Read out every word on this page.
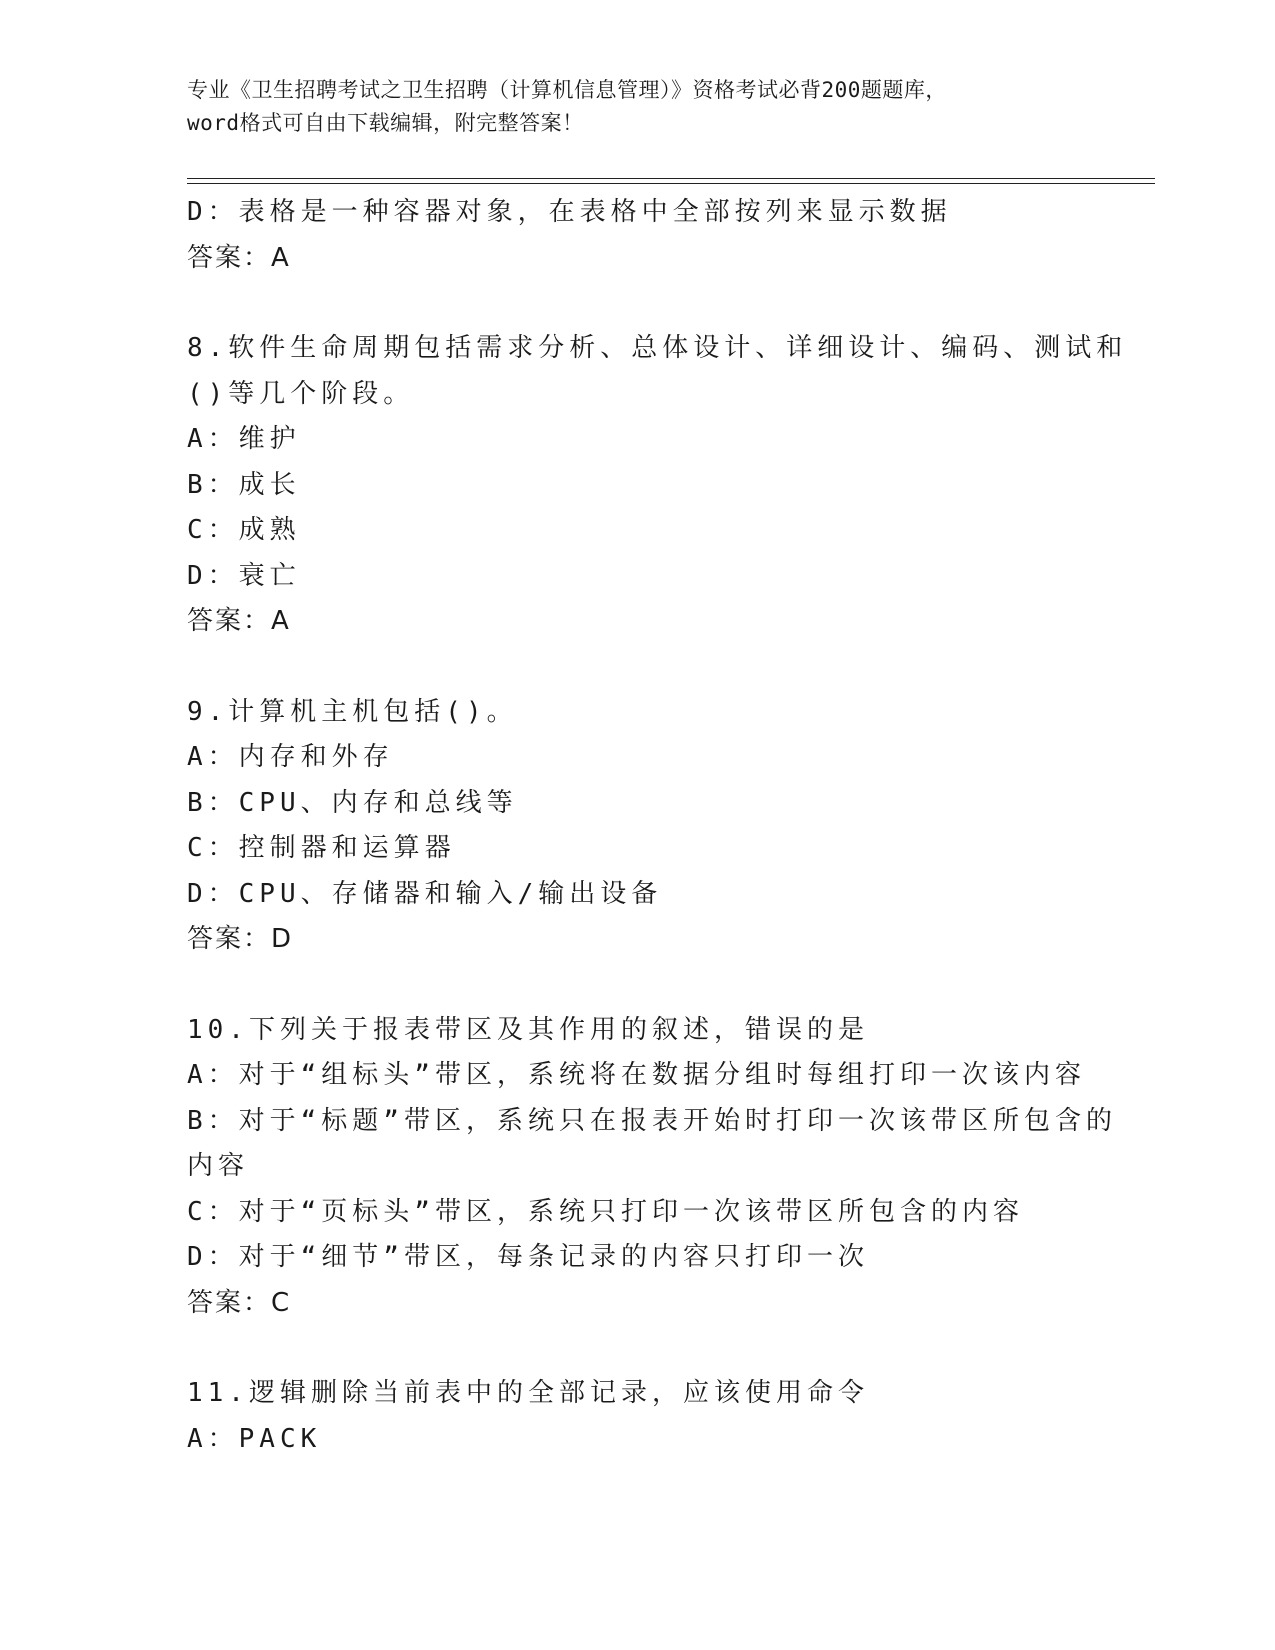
专业《卫生招聘考试之卫生招聘（计算机信息管理）》资格考试必背200题题库，
word格式可自由下载编辑，附完整答案！
D：表格是一种容器对象，在表格中全部按列来显示数据
答案：A
8.软件生命周期包括需求分析、总体设计、详细设计、编码、测试和
()等几个阶段。
A：维护
B：成长
C：成熟
D：衰亡
答案：A
9.计算机主机包括()。
A：内存和外存
B：CPU、内存和总线等
C：控制器和运算器
D：CPU、存储器和输入/输出设备
答案：D
10.下列关于报表带区及其作用的叙述，错误的是
A：对于“组标头”带区，系统将在数据分组时每组打印一次该内容
B：对于“标题”带区，系统只在报表开始时打印一次该带区所包含的
内容
C：对于“页标头”带区，系统只打印一次该带区所包含的内容
D：对于“细节”带区，每条记录的内容只打印一次
答案：C
11.逻辑删除当前表中的全部记录，应该使用命令
A：PACK
